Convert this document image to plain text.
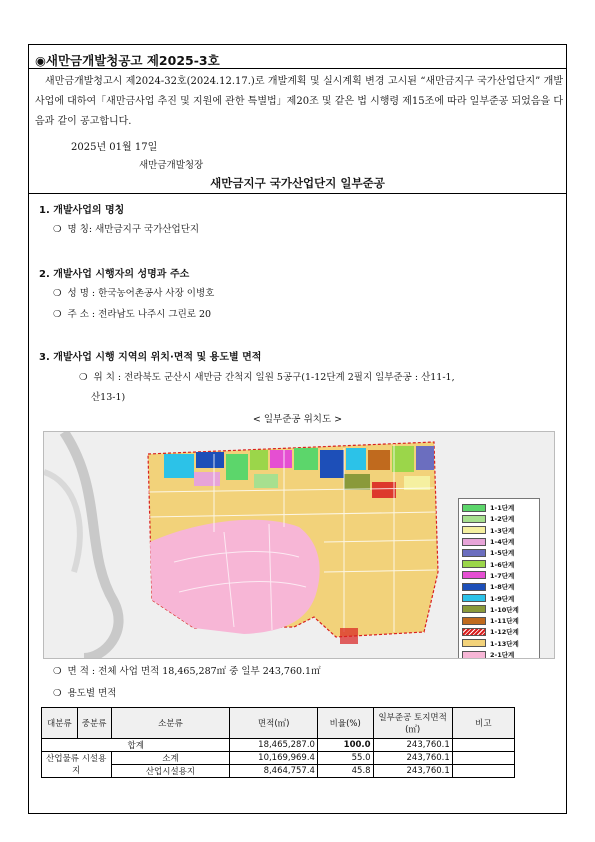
◉새만금개발청공고 제2025-3호
새만금개발청고시 제2024-32호(2024.12.17.)로 개발계획 및 실시계획 변경 고시된 “새만금지구 국가산업단지” 개발 사업에 대하여「새만금사업 추진 및 지원에 관한 특별법」제20조 및 같은 법 시행령 제15조에 따라 일부준공 되었음을 다음과 같이 공고합니다.
2025년 01월 17일
새만금개발청장
새만금지구 국가산업단지 일부준공
1. 개발사업의 명칭
❍ 명 칭: 새만금지구 국가산업단지
2. 개발사업 시행자의 성명과 주소
❍ 성 명 : 한국농어촌공사 사장 이병호
❍ 주 소 : 전라남도 나주시 그린로 20
3. 개발사업 시행 지역의 위치·면적 및 용도별 면적
❍ 위 치 : 전라북도 군산시 새만금 간척지 일원 5공구(1-12단계 2필지 일부준공 : 산11-1,
산13-1)
< 일부준공 위치도 >
1-1단계
1-2단계
1-3단계
1-4단계
1-5단계
1-6단계
1-7단계
1-8단계
1-9단계
1-10단계
1-11단계
1-12단계
1-13단계
2-1단계
❍ 면 적 : 전체 사업 면적 18,465,287㎡ 중 일부 243,760.1㎡
❍ 용도별 면적
대분류	중분류	소분류	면적(㎡)	비율(%)	일부준공 토지면적(㎡)	비고
합계			18,465,287.0	100.0	243,760.1	
산업물류 시설용지		소계	10,169,969.4	55.0	243,760.1	
		산업시설용지	8,464,757.4	45.8	243,760.1	
